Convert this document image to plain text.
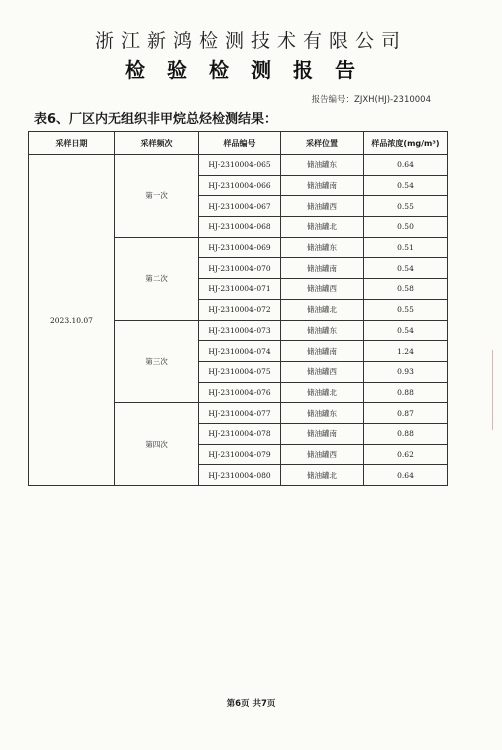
浙江新鸿检测技术有限公司
检验检测报告
报告编号：ZJXH(HJ)-2310004
表6、厂区内无组织非甲烷总烃检测结果：
采样日期	采样频次	样品编号	采样位置	样品浓度(mg/m³)
2023.10.07	第一次	HJ-2310004-065	储油罐东	0.64
		HJ-2310004-066	储油罐南	0.54
		HJ-2310004-067	储油罐西	0.55
		HJ-2310004-068	储油罐北	0.50
	第二次	HJ-2310004-069	储油罐东	0.51
		HJ-2310004-070	储油罐南	0.54
		HJ-2310004-071	储油罐西	0.58
		HJ-2310004-072	储油罐北	0.55
	第三次	HJ-2310004-073	储油罐东	0.54
		HJ-2310004-074	储油罐南	1.24
		HJ-2310004-075	储油罐西	0.93
		HJ-2310004-076	储油罐北	0.88
	第四次	HJ-2310004-077	储油罐东	0.87
		HJ-2310004-078	储油罐南	0.88
		HJ-2310004-079	储油罐西	0.62
		HJ-2310004-080	储油罐北	0.64
第6页 共7页
